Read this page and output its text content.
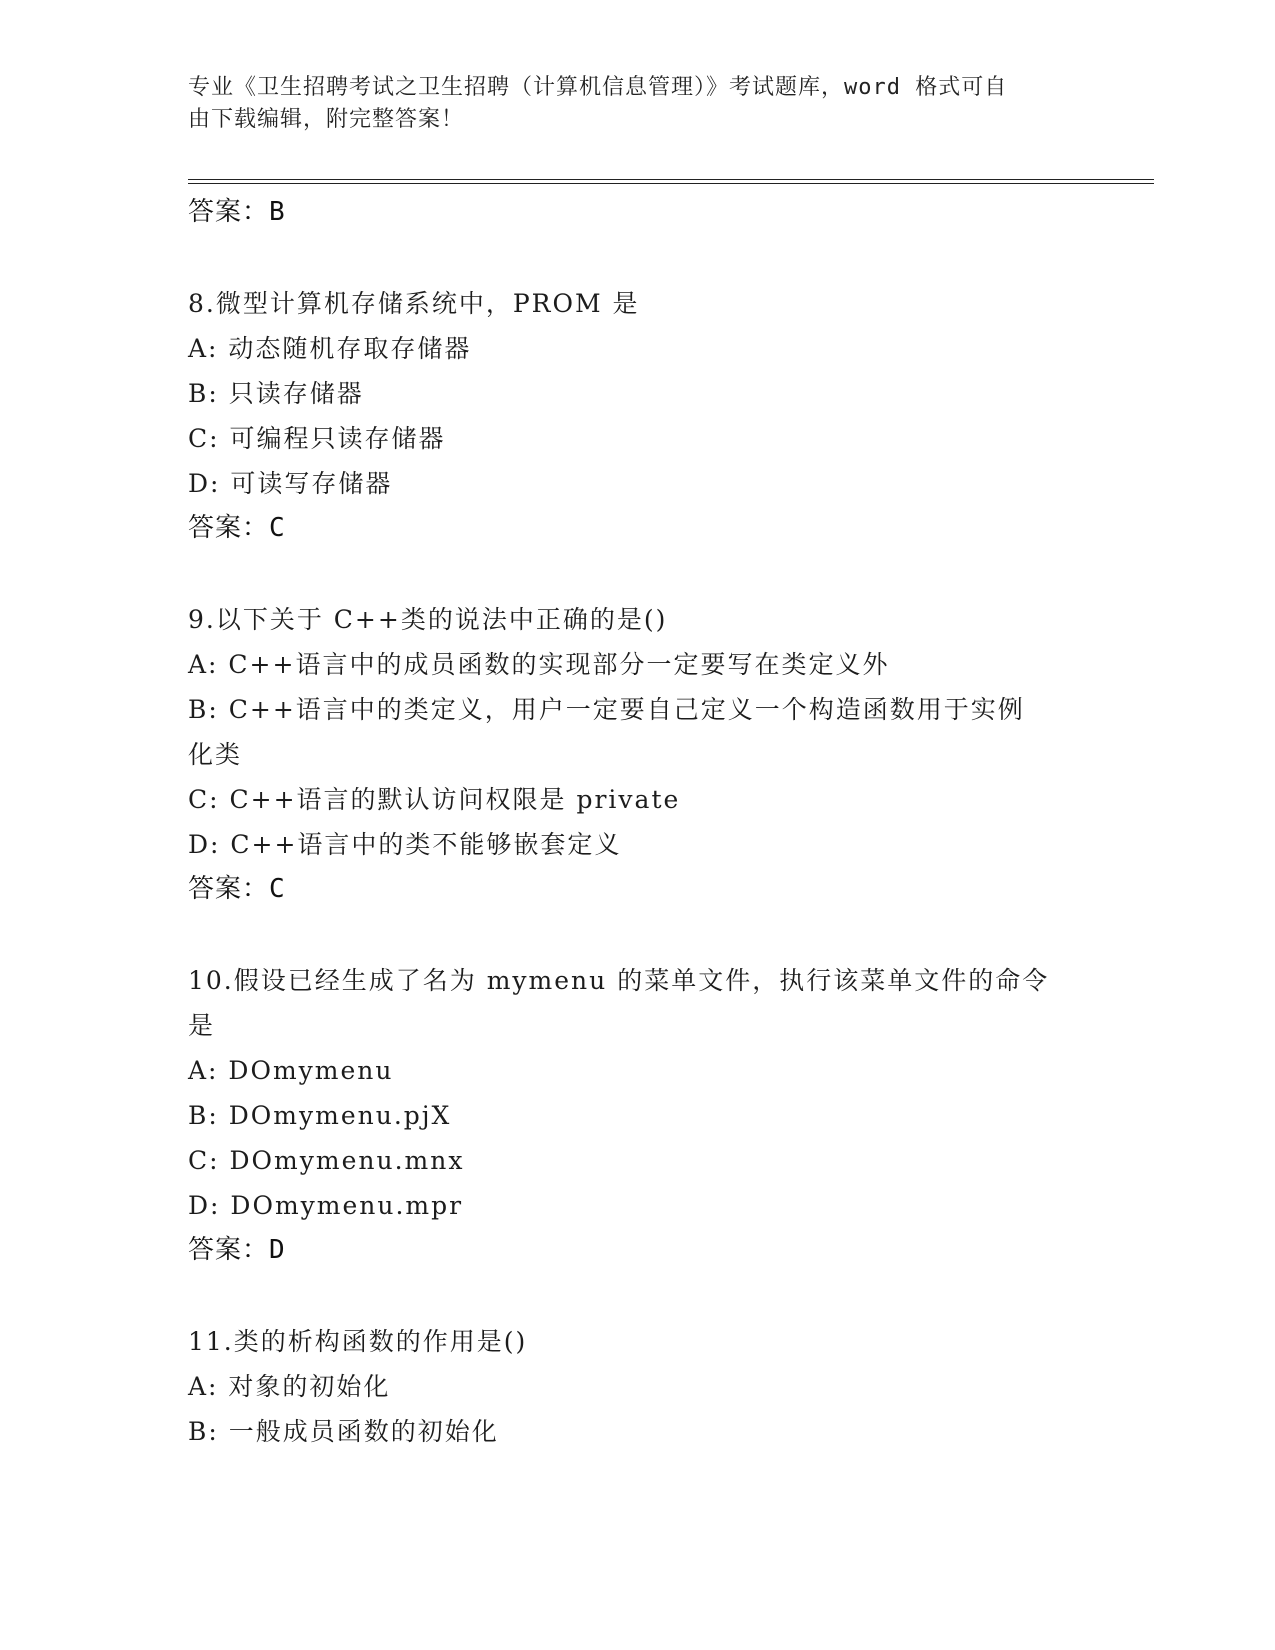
专业《卫生招聘考试之卫生招聘（计算机信息管理）》考试题库，word 格式可自
由下载编辑，附完整答案！
答案： B
8.微型计算机存储系统中，PROM 是
A: 动态随机存取存储器
B: 只读存储器
C: 可编程只读存储器
D: 可读写存储器
答案： C
9.以下关于 C++类的说法中正确的是()
A: C++语言中的成员函数的实现部分一定要写在类定义外
B: C++语言中的类定义，用户一定要自己定义一个构造函数用于实例
化类
C: C++语言的默认访问权限是 private
D: C++语言中的类不能够嵌套定义
答案： C
10.假设已经生成了名为 mymenu 的菜单文件，执行该菜单文件的命令
是
A: DOmymenu
B: DOmymenu.pjX
C: DOmymenu.mnx
D: DOmymenu.mpr
答案： D
11.类的析构函数的作用是()
A: 对象的初始化
B: 一般成员函数的初始化
